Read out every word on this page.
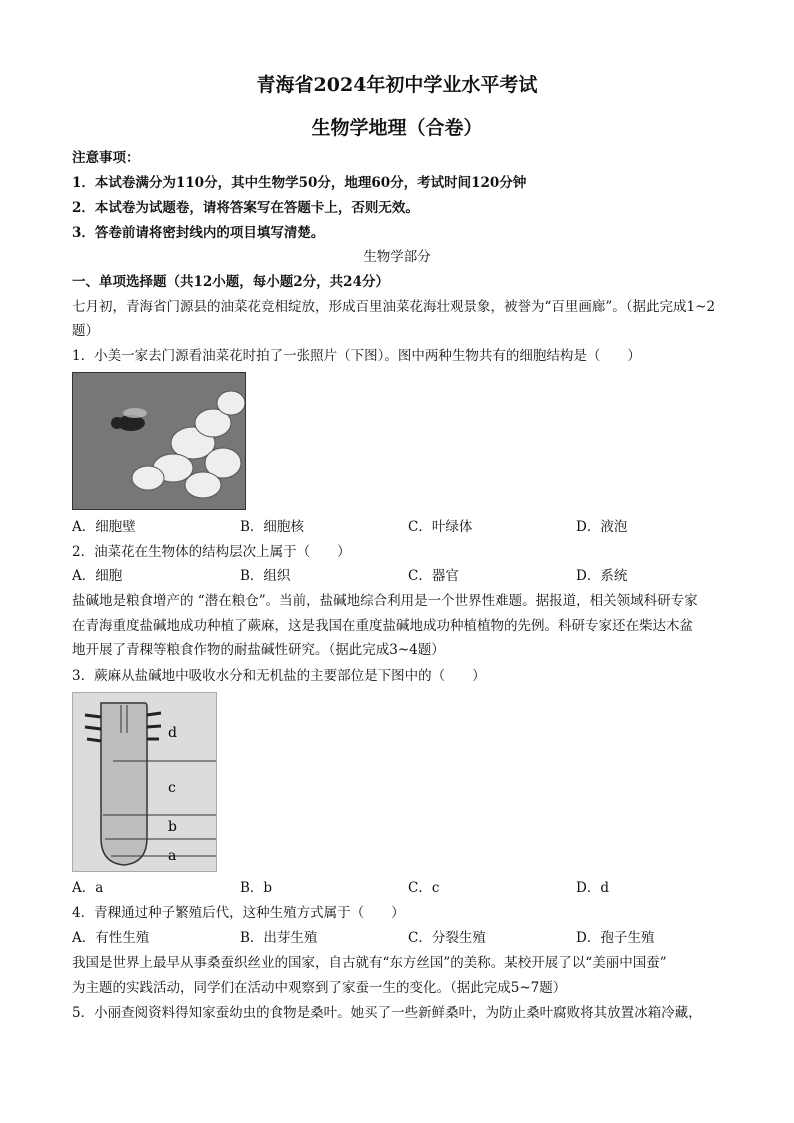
青海省2024年初中学业水平考试
生物学地理（合卷）
注意事项：
1．本试卷满分为110分，其中生物学50分，地理60分，考试时间120分钟
2．本试卷为试题卷，请将答案写在答题卡上，否则无效。
3．答卷前请将密封线内的项目填写清楚。
生物学部分
一、单项选择题（共12小题，每小题2分，共24分）
七月初，青海省门源县的油菜花竞相绽放，形成百里油菜花海壮观景象，被誉为“百里画廊”。（据此完成1~2
题）
1．小美一家去门源看油菜花时拍了一张照片（下图）。图中两种生物共有的细胞结构是（　　）
A．细胞壁	B．细胞核	C．叶绿体	D．液泡
2．油菜花在生物体的结构层次上属于（　　）
A．细胞	B．组织	C．器官	D．系统
盐碱地是粮食增产的 “潜在粮仓”。当前，盐碱地综合利用是一个世界性难题。据报道，相关领域科研专家
在青海重度盐碱地成功种植了蕨麻，这是我国在重度盐碱地成功种植植物的先例。科研专家还在柴达木盆
地开展了青稞等粮食作物的耐盐碱性研究。（据此完成3~4题）
3．蕨麻从盐碱地中吸收水分和无机盐的主要部位是下图中的（　　）
d
c
b
a
A．a	B．b	C．c	D．d
4．青稞通过种子繁殖后代，这种生殖方式属于（　　）
A．有性生殖	B．出芽生殖	C．分裂生殖	D．孢子生殖
我国是世界上最早从事桑蚕织丝业的国家，自古就有“东方丝国”的美称。某校开展了以“美丽中国蚕”
为主题的实践活动，同学们在活动中观察到了家蚕一生的变化。（据此完成5~7题）
5．小丽查阅资料得知家蚕幼虫的食物是桑叶。她买了一些新鲜桑叶，为防止桑叶腐败将其放置冰箱冷藏，
